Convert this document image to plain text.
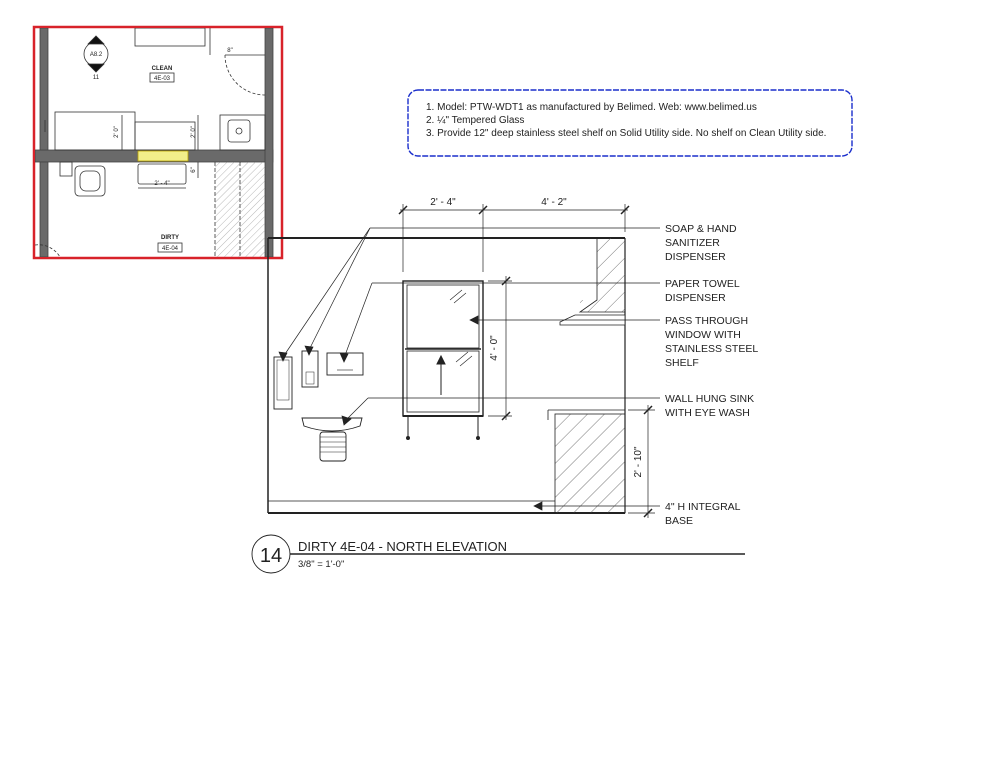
A8.2
11
CLEAN
4E-03
DIRTY
4E-04
2' - 4"
2' 0"	2' 0"
6"
8"
1. Model: PTW-WDT1 as manufactured by Belimed. Web: www.belimed.us
2. ¼" Tempered Glass
3. Provide 12" deep stainless steel shelf on Solid Utility side. No shelf on Clean Utility side.
2' - 4"	4' - 2"
4' - 0"
2' - 10"
SOAP & HAND
SANITIZER
DISPENSER
PAPER TOWEL
DISPENSER
PASS THROUGH
WINDOW WITH
STAINLESS STEEL
SHELF
WALL HUNG SINK
WITH EYE WASH
4" H INTEGRAL
BASE
14 DIRTY 4E-04 - NORTH ELEVATION
3/8" = 1'-0"
